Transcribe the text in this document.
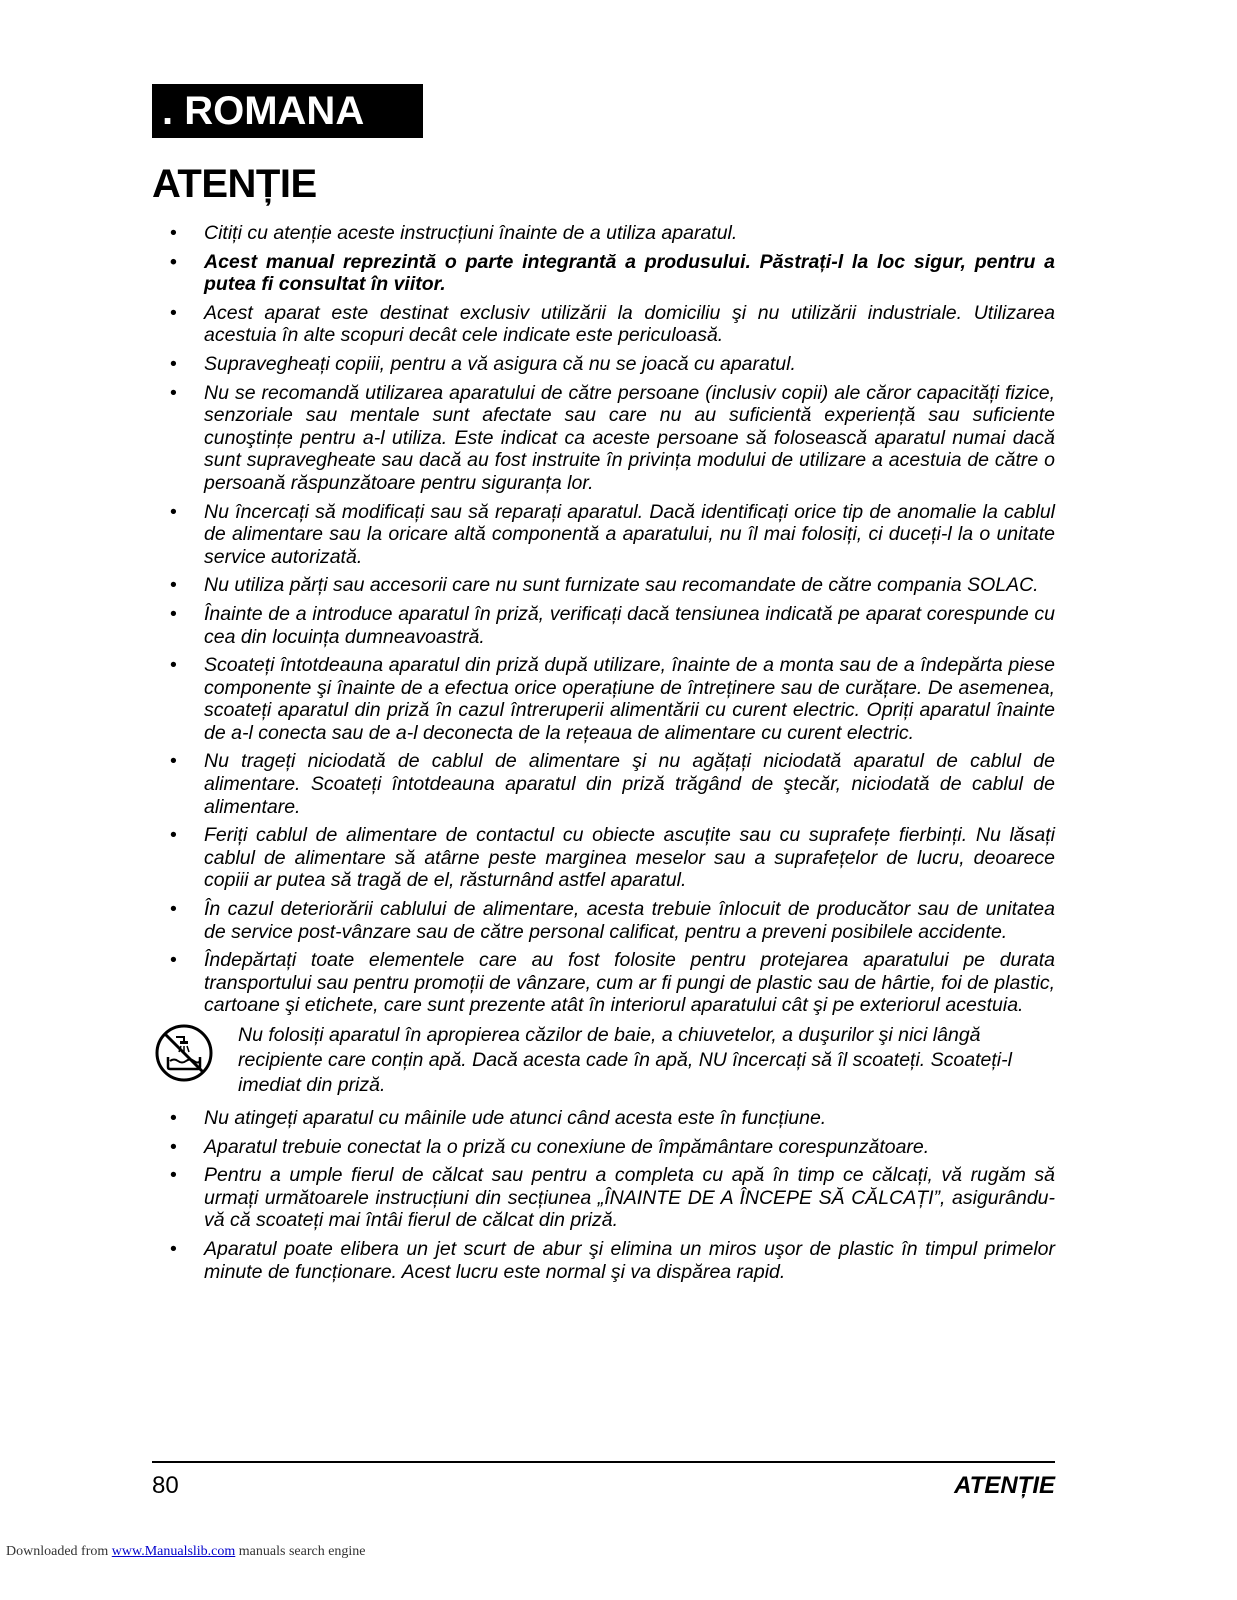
. ROMANA
ATENȚIE
• Citiți cu atenție aceste instrucțiuni înainte de a utiliza aparatul.
• Acest manual reprezintă o parte integrantă a produsului. Păstrați-l la loc sigur, pentru a putea fi consultat în viitor.
• Acest aparat este destinat exclusiv utilizării la domiciliu şi nu utilizării industriale. Utilizarea acestuia în alte scopuri decât cele indicate este periculoasă.
• Supravegheați copiii, pentru a vă asigura că nu se joacă cu aparatul.
• Nu se recomandă utilizarea aparatului de către persoane (inclusiv copii) ale căror capacități fizice, senzoriale sau mentale sunt afectate sau care nu au suficientă experiență sau suficiente cunoştințe pentru a-l utiliza. Este indicat ca aceste persoane să folosească aparatul numai dacă sunt supravegheate sau dacă au fost instruite în privința modului de utilizare a acestuia de către o persoană răspunzătoare pentru siguranța lor.
• Nu încercați să modificați sau să reparați aparatul. Dacă identificați orice tip de anomalie la cablul de alimentare sau la oricare altă componentă a aparatului, nu îl mai folosiți, ci duceți-l la o unitate service autorizată.
• Nu utiliza părți sau accesorii care nu sunt furnizate sau recomandate de către compania SOLAC.
• Înainte de a introduce aparatul în priză, verificați dacă tensiunea indicată pe aparat corespunde cu cea din locuința dumneavoastră.
• Scoateți întotdeauna aparatul din priză după utilizare, înainte de a monta sau de a îndepărta piese componente şi înainte de a efectua orice operațiune de întreținere sau de curățare. De asemenea, scoateți aparatul din priză în cazul întreruperii alimentării cu curent electric. Opriți aparatul înainte de a-l conecta sau de a-l deconecta de la rețeaua de alimentare cu curent electric.
• Nu trageți niciodată de cablul de alimentare şi nu agățați niciodată aparatul de cablul de alimentare. Scoateți întotdeauna aparatul din priză trăgând de ştecăr, niciodată de cablul de alimentare.
• Feriți cablul de alimentare de contactul cu obiecte ascuțite sau cu suprafețe fierbinți. Nu lăsați cablul de alimentare să atârne peste marginea meselor sau a suprafețelor de lucru, deoarece copiii ar putea să tragă de el, răsturnând astfel aparatul.
• În cazul deteriorării cablului de alimentare, acesta trebuie înlocuit de producător sau de unitatea de service post-vânzare sau de către personal calificat, pentru a preveni posibilele accidente.
• Îndepărtați toate elementele care au fost folosite pentru protejarea aparatului pe durata transportului sau pentru promoții de vânzare, cum ar fi pungi de plastic sau de hârtie, foi de plastic, cartoane şi etichete, care sunt prezente atât în interiorul aparatului cât şi pe exteriorul acestuia.
Nu folosiți aparatul în apropierea căzilor de baie, a chiuvetelor, a duşurilor şi nici lângă recipiente care conțin apă. Dacă acesta cade în apă, NU încercați să îl scoateți. Scoateți-l imediat din priză.
• Nu atingeți aparatul cu mâinile ude atunci când acesta este în funcțiune.
• Aparatul trebuie conectat la o priză cu conexiune de împământare corespunzătoare.
• Pentru a umple fierul de călcat sau pentru a completa cu apă în timp ce călcați, vă rugăm să urmați următoarele instrucțiuni din secțiunea „ÎNAINTE DE A ÎNCEPE SĂ CĂLCAȚI”, asigurându-vă că scoateți mai întâi fierul de călcat din priză.
• Aparatul poate elibera un jet scurt de abur şi elimina un miros uşor de plastic în timpul primelor minute de funcționare. Acest lucru este normal şi va dispărea rapid.
80	ATENȚIE
Downloaded from www.Manualslib.com manuals search engine
